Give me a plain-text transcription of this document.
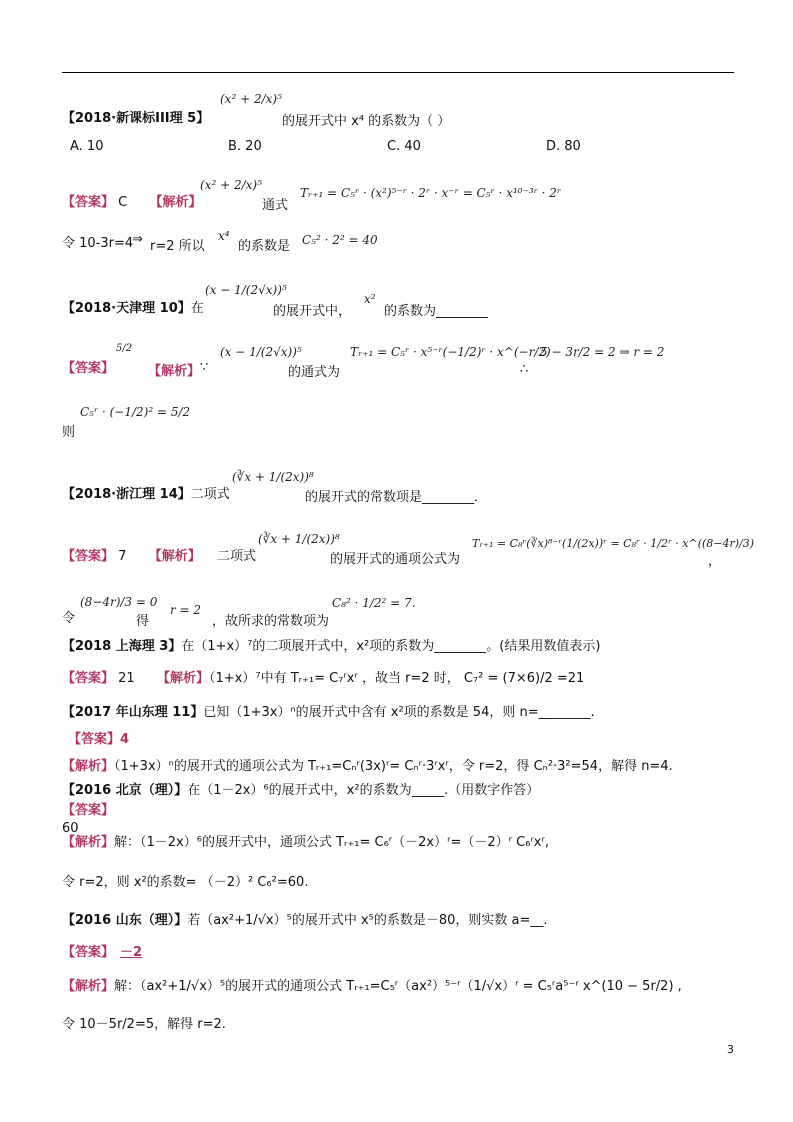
【2018·新课标III理 5】
(x² + 2/x)⁵
的展开式中 x⁴ 的系数为（ ）
A. 10	B. 20	C. 40	D. 80
【答案】 C 【解析】
(x² + 2/x)⁵
通式
Tᵣ₊₁ = C₅ʳ · (x²)⁵⁻ʳ · 2ʳ · x⁻ʳ = C₅ʳ · x¹⁰⁻³ʳ · 2ʳ
令 10-3r=4
⇒ r=2 所以
x⁴
的系数是 C₅² · 2² = 40
【2018·天津理 10】在
(x − 1/(2√x))⁵
的展开式中，
x²
的系数为________
【答案】
5/2
【解析】 ∵
(x − 1/(2√x))⁵
的通式为
Tᵣ₊₁ = C₅ʳ · x⁵⁻ʳ(−1/2)ʳ · x^(−r/2)
∴
5 − 3r/2 = 2 ⇒ r = 2
C₅ʳ · (−1/2)² = 5/2
则
【2018·浙江理 14】二项式
(∛x + 1/(2x))⁸
的展开式的常数项是________．
【答案】 7 【解析】 二项式
(∛x + 1/(2x))⁸
的展开式的通项公式为
Tᵣ₊₁ = C₈ʳ(∛x)⁸⁻ʳ(1/(2x))ʳ = C₈ʳ · 1/2ʳ · x^((8−4r)/3)
，
令
(8−4r)/3 = 0
得
r = 2
，故所求的常数项为
C₈² · 1/2² = 7.
【2018 上海理 3】在（1+x）⁷的二项展开式中，x²项的系数为________。(结果用数值表示)
【答案】 21 【解析】（1+x）⁷中有 Tᵣ₊₁= C₇ʳxʳ ，故当 r=2 时， C₇² = (7×6)/2 =21
【2017 年山东理 11】已知（1+3x）ⁿ的展开式中含有 x²项的系数是 54，则 n=________.
【答案】4
【解析】（1+3x）ⁿ的展开式的通项公式为 Tᵣ₊₁=Cₙʳ(3x)ʳ= Cₙʳ·3ʳxʳ，令 r=2，得 Cₙ²·3²=54，解得 n=4.
【2016 北京（理）】在（1－2x）⁶的展开式中，x²的系数为_____.（用数字作答）
【答案】
60
【解析】解：（1－2x）⁶的展开式中，通项公式 Tᵣ₊₁= C₆ʳ（－2x）ʳ=（－2）ʳ C₆ʳxʳ,
令 r=2，则 x²的系数= （－2）² C₆²=60.
【2016 山东（理）】若（ax²+1/√x）⁵的展开式中 x⁵的系数是－80，则实数 a=__.
【答案】 －2
【解析】解：（ax²+1/√x）⁵的展开式的通项公式 Tᵣ₊₁=C₅ʳ（ax²）⁵⁻ʳ（1/√x）ʳ = C₅ʳa⁵⁻ʳ x^(10 − 5r/2) ,
令 10－5r/2=5，解得 r=2.
3
